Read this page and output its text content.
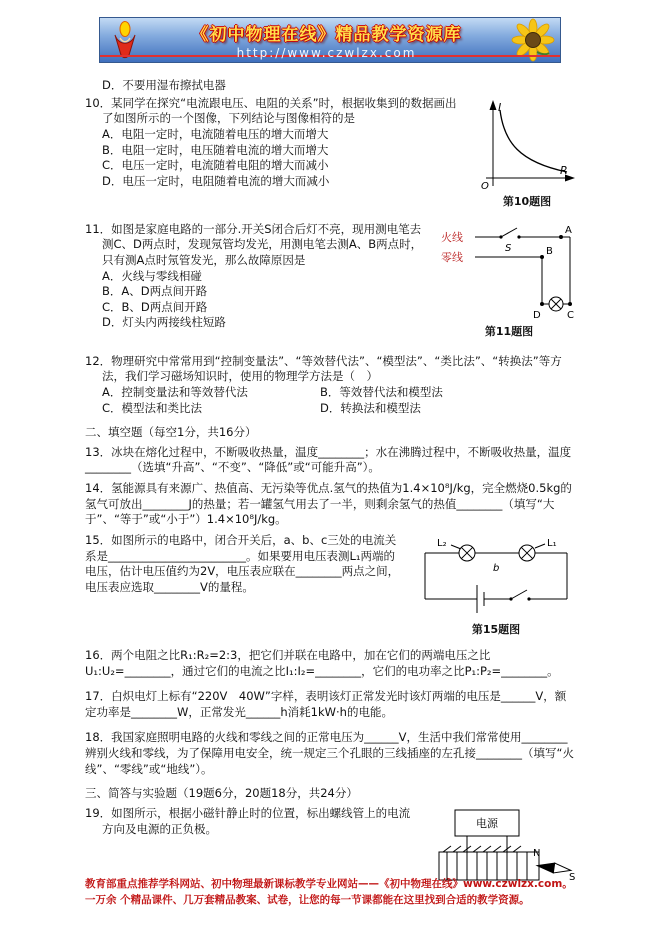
《初中物理在线》精品教学资源库
http://www.czwlzx.com

D．不要用湿布擦拭电器

I
R
O
第10题图

10．某同学在探究“电流跟电压、电阻的关系”时，根据收集到的数据画出了如图所示的一个图像，下列结论与图像相符的是

A．电阻一定时，电流随着电压的增大而增大

B．电阻一定时，电压随着电流的增大而增大

C．电压一定时，电流随着电阻的增大而减小

D．电压一定时，电阻随着电流的增大而减小

火线
零线
S
A
B
D	C
第11题图

11．如图是家庭电路的一部分.开关S闭合后灯不亮，现用测电笔去测C、D两点时，发现氖管均发光，用测电笔去测A、B两点时，只有测A点时氖管发光，那么故障原因是

A．火线与零线相碰

B．A、D两点间开路

C．B、D两点间开路

D．灯头内两接线柱短路

12．物理研究中常常用到“控制变量法”、“等效替代法”、“模型法”、“类比法”、“转换法”等方法，我们学习磁场知识时，使用的物理学方法是（　）

A．控制变量法和等效替代法	B．等效替代法和模型法

C．模型法和类比法	D．转换法和模型法

二、填空题（每空1分，共16分）

13．冰块在熔化过程中，不断吸收热量，温度________；水在沸腾过程中，不断吸收热量，温度________（选填“升高”、“不变”、“降低”或“可能升高”）。

14．氢能源具有来源广、热值高、无污染等优点.氢气的热值为1.4×10⁸J/kg，完全燃烧0.5kg的氢气可放出________J的热量；若一罐氢气用去了一半，则剩余氢气的热值________（填写“大于”、“等于”或“小于”）1.4×10⁸J/kg。

L₂	L₁
b
第15题图

15．如图所示的电路中，闭合开关后，a、b、c三处的电流关系是________________________。如果要用电压表测L₁两端的电压，估计电压值约为2V，电压表应联在________两点之间，电压表应选取________V的量程。

16．两个电阻之比R₁:R₂=2:3，把它们并联在电路中，加在它们的两端电压之比 U₁:U₂=________，通过它们的电流之比I₁:I₂=________，它们的电功率之比P₁:P₂=________。

17．白炽电灯上标有“220V　40W”字样，表明该灯正常发光时该灯两端的电压是______V，额定功率是________W，正常发光______h消耗1kW·h的电能。

18．我国家庭照明电路的火线和零线之间的正常电压为______V，生活中我们常常使用________辨别火线和零线，为了保障用电安全，统一规定三个孔眼的三线插座的左孔接________（填写“火线”、“零线”或“地线”）。

三、简答与实验题（19题6分，20题18分，共24分）

电源
N
S

19．如图所示，根据小磁针静止时的位置，标出螺线管上的电流方向及电源的正负极。

教育部重点推荐学科网站、初中物理最新课标教学专业网站——《初中物理在线》www.czwlzx.com。一万余 个精品课件、几万套精品教案、试卷，让您的每一节课都能在这里找到合适的教学资源。
